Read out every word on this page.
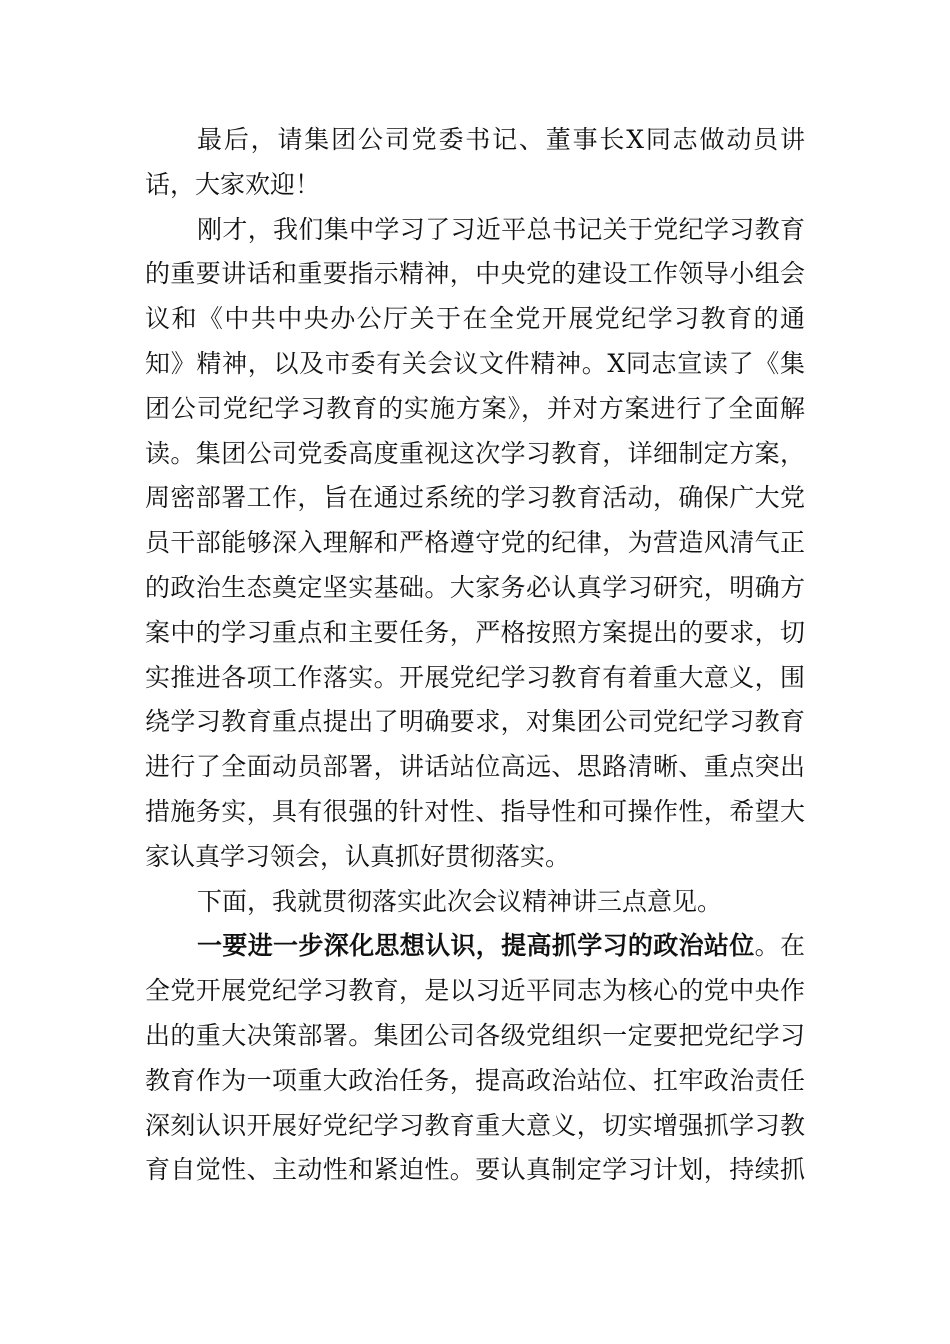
最后，请集团公司党委书记、董事长X同志做动员讲
话，大家欢迎！
刚才，我们集中学习了习近平总书记关于党纪学习教育
的重要讲话和重要指示精神，中央党的建设工作领导小组会
议和《中共中央办公厅关于在全党开展党纪学习教育的通
知》精神，以及市委有关会议文件精神。X同志宣读了《集
团公司党纪学习教育的实施方案》，并对方案进行了全面解
读。集团公司党委高度重视这次学习教育，详细制定方案，
周密部署工作，旨在通过系统的学习教育活动，确保广大党
员干部能够深入理解和严格遵守党的纪律，为营造风清气正
的政治生态奠定坚实基础。大家务必认真学习研究，明确方
案中的学习重点和主要任务，严格按照方案提出的要求，切
实推进各项工作落实。开展党纪学习教育有着重大意义，围
绕学习教育重点提出了明确要求，对集团公司党纪学习教育
进行了全面动员部署，讲话站位高远、思路清晰、重点突出
措施务实，具有很强的针对性、指导性和可操作性，希望大
家认真学习领会，认真抓好贯彻落实。
下面，我就贯彻落实此次会议精神讲三点意见。
一要进一步深化思想认识，提高抓学习的政治站位。在
全党开展党纪学习教育，是以习近平同志为核心的党中央作
出的重大决策部署。集团公司各级党组织一定要把党纪学习
教育作为一项重大政治任务，提高政治站位、扛牢政治责任
深刻认识开展好党纪学习教育重大意义，切实增强抓学习教
育自觉性、主动性和紧迫性。要认真制定学习计划，持续抓
